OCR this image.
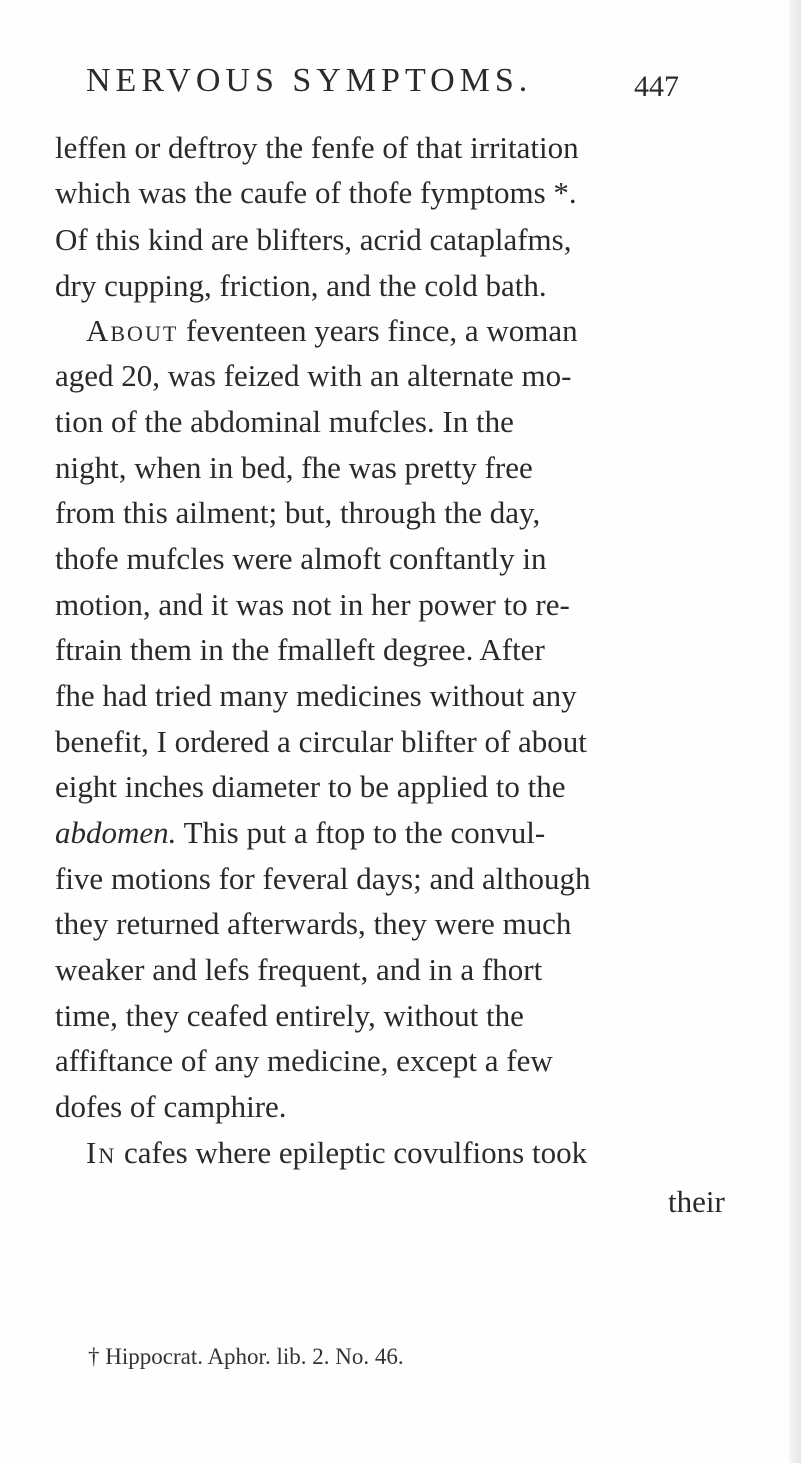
NERVOUS SYMPTOMS.	447
leffen or deftroy the fenfe of that irritation
which was the caufe of thofe fymptoms *.
Of this kind are blifters, acrid cataplafms,
dry cupping, friction, and the cold bath.
About feventeen years fince, a woman
aged 20, was feized with an alternate mo-
tion of the abdominal mufcles. In the
night, when in bed, fhe was pretty free
from this ailment; but, through the day,
thofe mufcles were almoft conftantly in
motion, and it was not in her power to re-
ftrain them in the fmalleft degree. After
fhe had tried many medicines without any
benefit, I ordered a circular blifter of about
eight inches diameter to be applied to the
abdomen. This put a ftop to the convul-
five motions for feveral days; and although
they returned afterwards, they were much
weaker and lefs frequent, and in a fhort
time, they ceafed entirely, without the
affiftance of any medicine, except a few
dofes of camphire.
In cafes where epileptic covulfions took
their
† Hippocrat. Aphor. lib. 2. No. 46.
